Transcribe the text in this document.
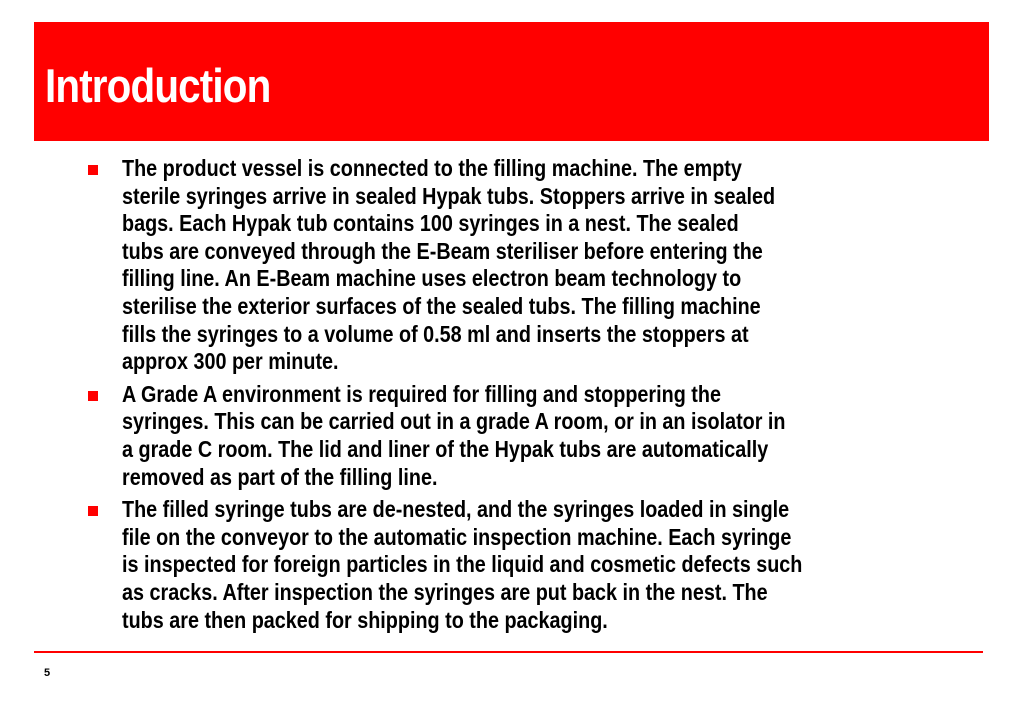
Introduction
The product vessel is connected to the filling machine. The empty
sterile syringes arrive in sealed Hypak tubs. Stoppers arrive in sealed
bags. Each Hypak tub contains 100 syringes in a nest. The sealed
tubs are conveyed through the E-Beam steriliser before entering the
filling line. An E-Beam machine uses electron beam technology to
sterilise the exterior surfaces of the sealed tubs. The filling machine
fills the syringes to a volume of 0.58 ml and inserts the stoppers at
approx 300 per minute.
A Grade A environment is required for filling and stoppering the
syringes. This can be carried out in a grade A room, or in an isolator in
a grade C room. The lid and liner of the Hypak tubs are automatically
removed as part of the filling line.
The filled syringe tubs are de-nested, and the syringes loaded in single
file on the conveyor to the automatic inspection machine. Each syringe
is inspected for foreign particles in the liquid and cosmetic defects such
as cracks. After inspection the syringes are put back in the nest. The
tubs are then packed for shipping to the packaging.
5
